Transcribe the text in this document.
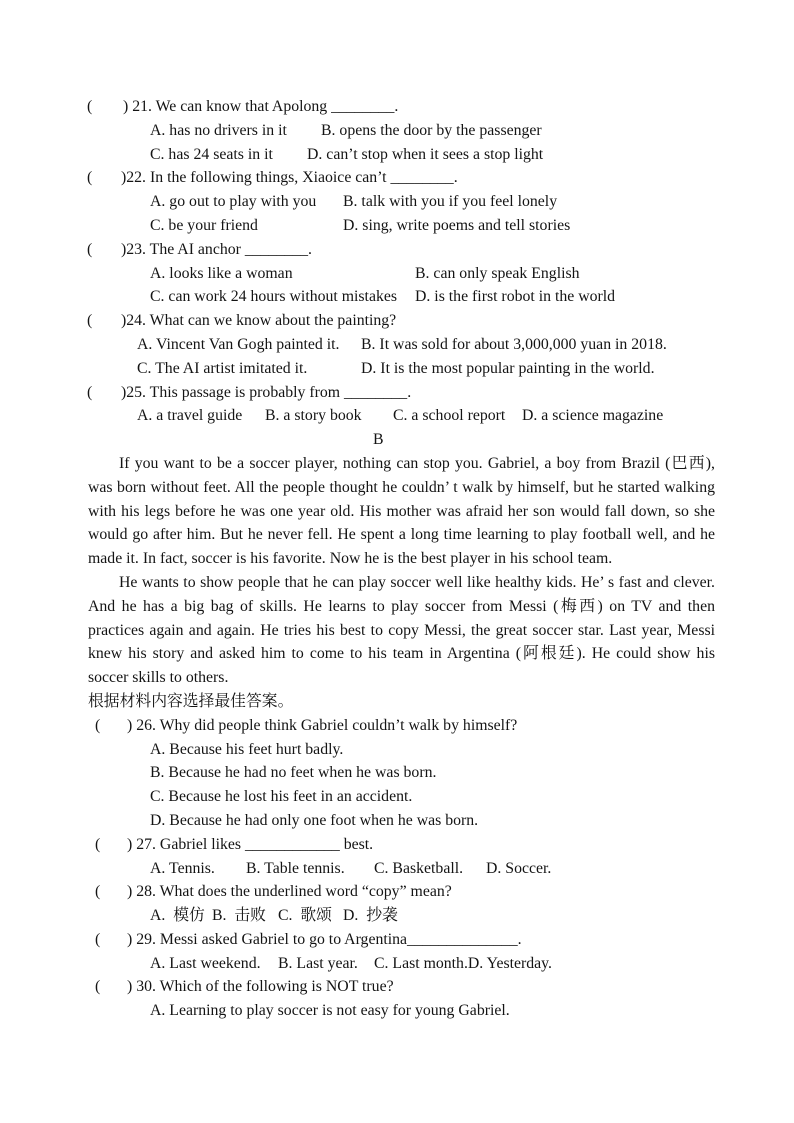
( ) 21. We can know that Apolong ________.
A. has no drivers in it B. opens the door by the passenger
C. has 24 seats in it D. can’t stop when it sees a stop light
( )22. In the following things, Xiaoice can’t ________.
A. go out to play with you B. talk with you if you feel lonely
C. be your friend	D. sing, write poems and tell stories
( )23. The AI anchor ________.
A. looks like a woman	B. can only speak English
C. can work 24 hours without mistakes D. is the first robot in the world
( )24. What can we know about the painting?
A. Vincent Van Gogh painted it. B. It was sold for about 3,000,000 yuan in 2018.
C. The AI artist imitated it.	D. It is the most popular painting in the world.
( )25. This passage is probably from ________.
A. a travel guide B. a story book C. a school report D. a science magazine
B
If you want to be a soccer player, nothing can stop you. Gabriel, a boy from Brazil (巴西),
was born without feet. All the people thought he couldn’ t walk by himself, but he started walking
with his legs before he was one year old. His mother was afraid her son would fall down, so she
would go after him. But he never fell. He spent a long time learning to play football well, and he
made it. In fact, soccer is his favorite. Now he is the best player in his school team.
He wants to show people that he can play soccer well like healthy kids. He’ s fast and clever.
And he has a big bag of skills. He learns to play soccer from Messi (梅西) on TV and then
practices again and again. He tries his best to copy Messi, the great soccer star. Last year, Messi
knew his story and asked him to come to his team in Argentina (阿根廷). He could show his
soccer skills to others.
根据材料内容选择最佳答案。
( ) 26. Why did people think Gabriel couldn’t walk by himself?
A. Because his feet hurt badly.
B. Because he had no feet when he was born.
C. Because he lost his feet in an accident.
D. Because he had only one foot when he was born.
( ) 27. Gabriel likes ____________ best.
A. Tennis. B. Table tennis. C. Basketball. D. Soccer.
( ) 28. What does the underlined word “copy” mean?
A.  模仿 B.  击败 C.  歌颂 D.  抄袭
( ) 29. Messi asked Gabriel to go to Argentina______________.
A. Last weekend. B. Last year. C. Last month.D. Yesterday.
( ) 30. Which of the following is NOT true?
A. Learning to play soccer is not easy for young Gabriel.
